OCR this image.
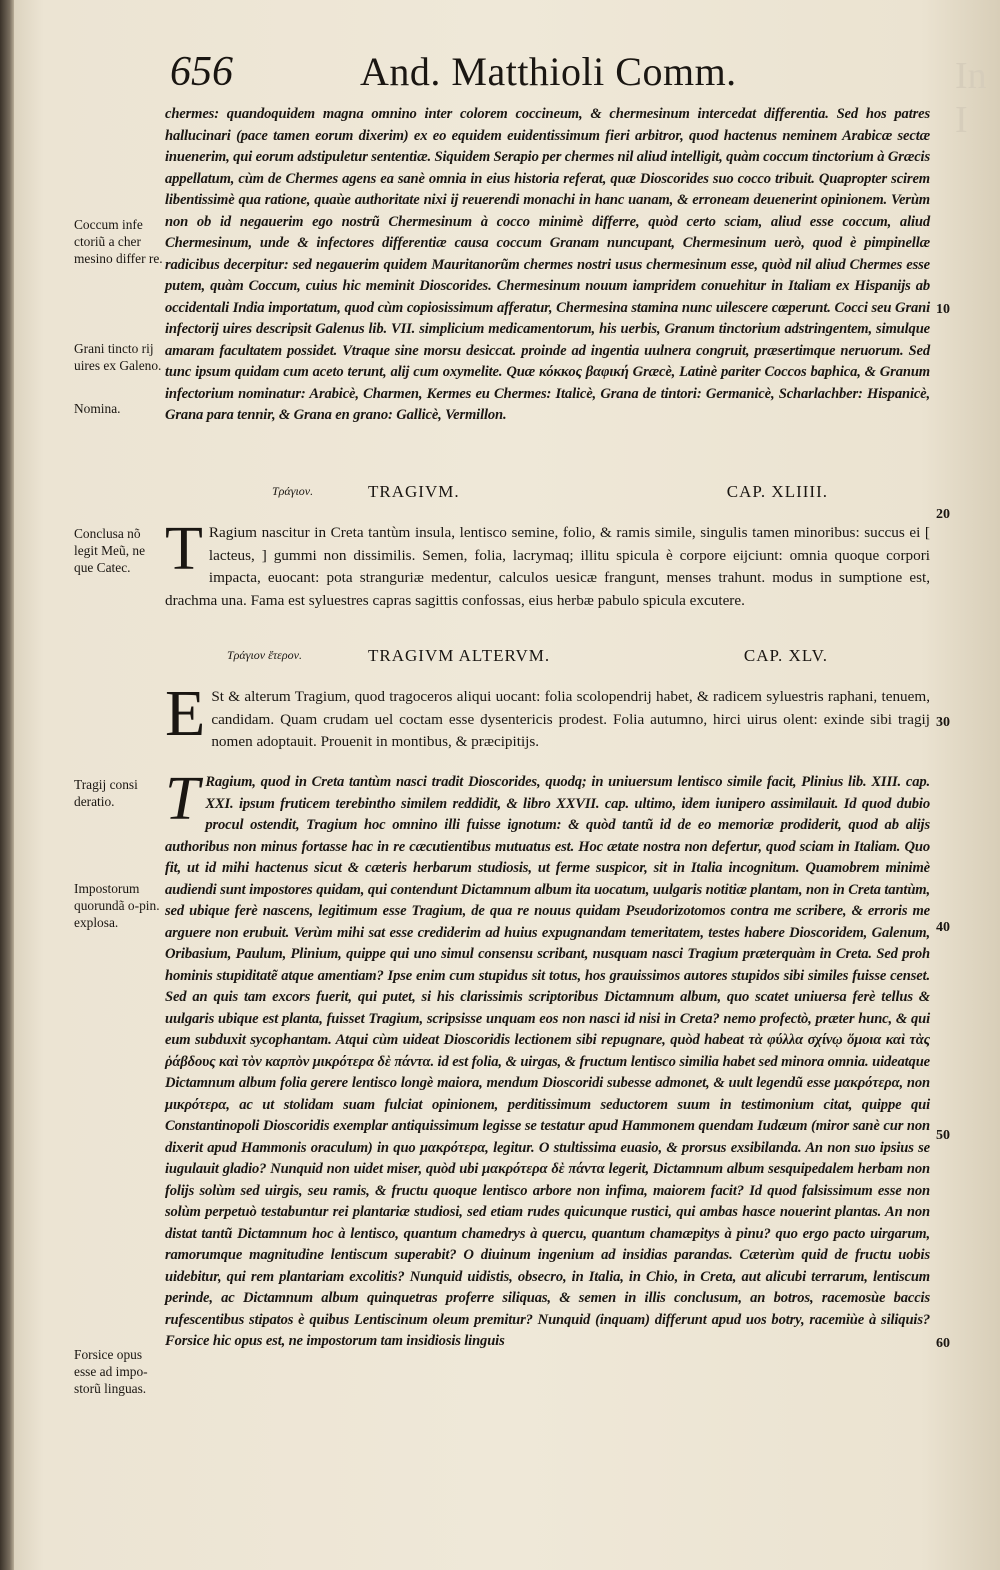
656	And. Matthioli Comm.	In I

chermes: quandoquidem magna omnino inter colorem coccineum, & chermesinum intercedat differentia. Sed hos patres hallucinari (pace tamen eorum dixerim) ex eo equidem euidentissimum fieri arbitror, quod hactenus neminem Arabicæ sectæ inuenerim, qui eorum adstipuletur sententiæ. Siquidem Serapio per chermes nil aliud intelligit, quàm coccum tinctorium à Græcis appellatum, cùm de Chermes agens ea sanè omnia in eius historia referat, quæ Dioscorides suo cocco tribuit. Quapropter scirem libentissimè qua ratione, quaùe authoritate nixi ij reuerendi monachi in hanc uanam, & erroneam deuenerint opinionem. Verùm non ob id negauerim ego nostrũ Chermesinum à cocco minimè differre, quòd certo sciam, aliud esse coccum, aliud Chermesinum, unde & infectores differentiæ causa coccum Granam nuncupant, Chermesinum uerò, quod è pimpinellæ radicibus decerpitur: sed negauerim quidem Mauritanorũm chermes nostri usus chermesinum esse, quòd nil aliud Chermes esse putem, quàm Coccum, cuius hic meminit Dioscorides. Chermesinum nouum iampridem conuehitur in Italiam ex Hispanijs ab occidentali India importatum, quod cùm copiosissimum afferatur, Chermesina stamina nunc uilescere cœperunt. Cocci seu Grani infectorij uires descripsit Galenus lib. VII. simplicium medicamentorum, his uerbis, Granum tinctorium adstringentem, simulque amaram facultatem possidet. Vtraque sine morsu desiccat. proinde ad ingentia uulnera congruit, præsertimque neruorum. Sed tunc ipsum quidam cum aceto terunt, alij cum oxymelite. Quæ κόκκος βαφική Græcè, Latinè pariter Coccos baphica, & Granum infectorium nominatur: Arabicè, Charmen, Kermes eu Chermes: Italicè, Grana de tintori: Germanicè, Scharlachber: Hispanicè, Grana para tennir, & Grana en grano: Gallicè, Vermillon.

Coccum infe ctoriũ a cher mesino differ re.
Grani tincto rij uires ex Galeno.
Nomina.
10
Τράγιον.	TRAGIVM.	CAP. XLIIII.
20
Conclusa nõ legit Meũ, ne que Catec. T Ragium nascitur in Creta tantùm insula, lentisco semine, folio, & ramis simile, singulis tamen minoribus: succus ei [ lacteus, ] gummi non dissimilis. Semen, folia, lacrymaq; illitu spicula è corpore eijciunt: omnia quoque corpori impacta, euocant: pota stranguriæ medentur, calculos uesicæ frangunt, menses trahunt. modus in sumptione est, drachma una. Fama est syluestres capras sagittis confossas, eius herbæ pabulo spicula excutere.

Τράγιον ἕτερον.	TRAGIVM ALTERVM.	CAP. XLV.
E St & alterum Tragium, quod tragoceros aliqui uocant: folia scolopendrij habet, & radicem syluestris raphani, tenuem, candidam. Quam crudam uel coctam esse dysentericis prodest. Folia autumno, hirci uirus olent: exinde sibi tragij nomen adoptauit. Prouenit in montibus, & præcipitijs.

30
Tragij consi deratio.
Impostorum quorundã o-pin. explosa.
Forsice opus esse ad impo- storũ linguas.
40
50
60
T Ragium, quod in Creta tantùm nasci tradit Dioscorides, quodq; in uniuersum lentisco simile facit, Plinius lib. XIII. cap. XXI. ipsum fruticem terebintho similem reddidit, & libro XXVII. cap. ultimo, idem iunipero assimilauit. Id quod dubio procul ostendit, Tragium hoc omnino illi fuisse ignotum: & quòd tantũ id de eo memoriæ prodiderit, quod ab alijs authoribus non minus fortasse hac in re cæcutientibus mutuatus est. Hoc ætate nostra non defertur, quod sciam in Italiam. Quo fit, ut id mihi hactenus sicut & cæteris herbarum studiosis, ut ferme suspicor, sit in Italia incognitum. Quamobrem minimè audiendi sunt impostores quidam, qui contendunt Dictamnum album ita uocatum, uulgaris notitiæ plantam, non in Creta tantùm, sed ubique ferè nascens, legitimum esse Tragium, de qua re nouus quidam Pseudorizotomos contra me scribere, & erroris me arguere non erubuit. Verùm mihi sat esse crediderim ad huius expugnandam temeritatem, testes habere Dioscoridem, Galenum, Oribasium, Paulum, Plinium, quippe qui uno simul consensu scribant, nusquam nasci Tragium præterquàm in Creta. Sed proh hominis stupiditatẽ atque amentiam? Ipse enim cum stupidus sit totus, hos grauissimos autores stupidos sibi similes fuisse censet. Sed an quis tam excors fuerit, qui putet, si his clarissimis scriptoribus Dictamnum album, quo scatet uniuersa ferè tellus & uulgaris ubique est planta, fuisset Tragium, scripsisse unquam eos non nasci id nisi in Creta? nemo profectò, præter hunc, & qui eum subduxit sycophantam. Atqui cùm uideat Dioscoridis lectionem sibi repugnare, quòd habeat τὰ φύλλα σχίνῳ ὅμοια καὶ τὰς ῥάβδους καὶ τὸν καρπὸν μικρότερα δὲ πάντα. id est folia, & uirgas, & fructum lentisco similia habet sed minora omnia. uideatque Dictamnum album folia gerere lentisco longè maiora, mendum Dioscoridi subesse admonet, & uult legendũ esse μακρότερα, non μικρότερα, ac ut stolidam suam fulciat opinionem, perditissimum seductorem suum in testimonium citat, quippe qui Constantinopoli Dioscoridis exemplar antiquissimum legisse se testatur apud Hammonem quendam Iudæum (miror sanè cur non dixerit apud Hammonis oraculum) in quo μακρότερα, legitur. O stultissima euasio, & prorsus exsibilanda. An non suo ipsius se iugulauit gladio? Nunquid non uidet miser, quòd ubi μακρότερα δὲ πάντα legerit, Dictamnum album sesquipedalem herbam non folijs solùm sed uirgis, seu ramis, & fructu quoque lentisco arbore non infima, maiorem facit? Id quod falsissimum esse non solùm perpetuò testabuntur rei plantariæ studiosi, sed etiam rudes quicunque rustici, qui ambas hasce nouerint plantas. An non distat tantũ Dictamnum hoc à lentisco, quantum chamedrys à quercu, quantum chamæpitys à pinu? quo ergo pacto uirgarum, ramorumque magnitudine lentiscum superabit? O diuinum ingenium ad insidias parandas. Cæterùm quid de fructu uobis uidebitur, qui rem plantariam excolitis? Nunquid uidistis, obsecro, in Italia, in Chio, in Creta, aut alicubi terrarum, lentiscum perinde, ac Dictamnum album quinquetras proferre siliquas, & semen in illis conclusum, an botros, racemosùe baccis rufescentibus stipatos è quibus Lentiscinum oleum premitur? Nunquid (inquam) differunt apud uos botry, racemiùe à siliquis? Forsice hic opus est, ne impostorum tam insidiosis linguis
